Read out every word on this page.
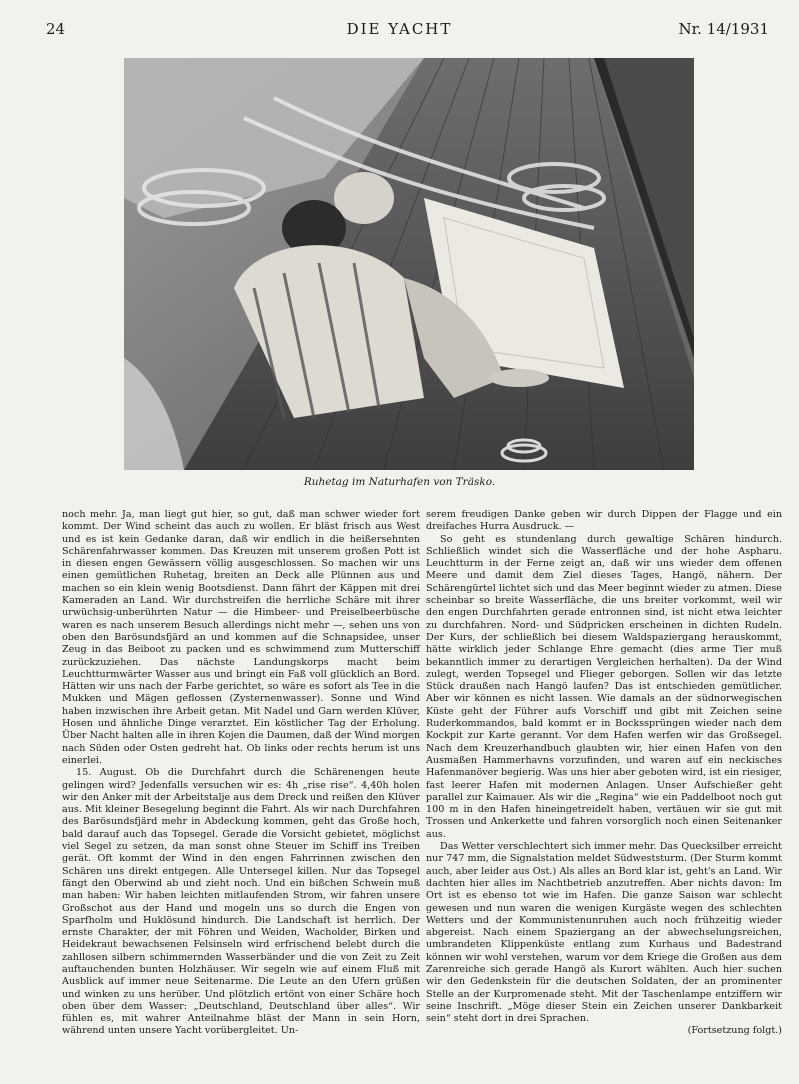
24	DIE YACHT	Nr. 14/1931
Ruhetag im Naturhafen von Träsko.

noch mehr. Ja, man liegt gut hier, so gut, daß man schwer wieder fort kommt. Der Wind scheint das auch zu wollen. Er bläst frisch aus West und es ist kein Gedanke daran, daß wir endlich in die heißersehnten Schärenfahrwasser kommen. Das Kreuzen mit unserem großen Pott ist in diesen engen Gewässern völlig ausgeschlossen. So machen wir uns einen gemütlichen Ruhetag, breiten an Deck alle Plünnen aus und machen so ein klein wenig Bootsdienst. Dann fährt der Käppen mit drei Kameraden an Land. Wir durchstreifen die herrliche Schäre mit ihrer urwüchsig-unberührten Natur — die Himbeer- und Preiselbeerbüsche waren es nach unserem Besuch allerdings nicht mehr —, sehen uns von oben den Barösundsfjärd an und kommen auf die Schnapsidee, unser Zeug in das Beiboot zu packen und es schwimmend zum Mutterschiff zurückzuziehen. Das nächste Landungskorps macht beim Leuchtturmwärter Wasser aus und bringt ein Faß voll glücklich an Bord. Hätten wir uns nach der Farbe gerichtet, so wäre es sofort als Tee in die Mukken und Mägen geflossen (Zysternenwasser). Sonne und Wind haben inzwischen ihre Arbeit getan. Mit Nadel und Garn werden Klüver, Hosen und ähnliche Dinge verarztet. Ein köstlicher Tag der Erholung. Über Nacht halten alle in ihren Kojen die Daumen, daß der Wind morgen nach Süden oder Osten gedreht hat. Ob links oder rechts herum ist uns einerlei.

15. August. Ob die Durchfahrt durch die Schärenengen heute gelingen wird? Jedenfalls versuchen wir es: 4h „rise rise“. 4,40h holen wir den Anker mit der Arbeitstalje aus dem Dreck und reißen den Klüver aus. Mit kleiner Besegelung beginnt die Fahrt. Als wir nach Durchfahren des Barösundsfjärd mehr in Abdeckung kommen, geht das Große hoch, bald darauf auch das Topsegel. Gerade die Vorsicht gebietet, möglichst viel Segel zu setzen, da man sonst ohne Steuer im Schiff ins Treiben gerät. Oft kommt der Wind in den engen Fahrrinnen zwischen den Schären uns direkt entgegen. Alle Untersegel killen. Nur das Topsegel fängt den Oberwind ab und zieht noch. Und ein bißchen Schwein muß man haben: Wir haben leichten mitlaufenden Strom, wir fahren unsere Großschot aus der Hand und mogeln uns so durch die Engen von Sparfholm und Huklösund hindurch. Die Landschaft ist herrlich. Der ernste Charakter, der mit Föhren und Weiden, Wacholder, Birken und Heidekraut bewachsenen Felsinseln wird erfrischend belebt durch die zahllosen silbern schimmernden Wasserbänder und die von Zeit zu Zeit auftauchenden bunten Holzhäuser. Wir segeln wie auf einem Fluß mit Ausblick auf immer neue Seitenarme. Die Leute an den Ufern grüßen und winken zu uns herüber. Und plötzlich ertönt von einer Schäre hoch oben über dem Wasser: „Deutschland, Deutschland über alles“. Wir fühlen es, mit wahrer Anteilnahme bläst der Mann in sein Horn, während unten unsere Yacht vorübergleitet. Un-

serem freudigen Danke geben wir durch Dippen der Flagge und ein dreifaches Hurra Ausdruck. —

So geht es stundenlang durch gewaltige Schären hindurch. Schließlich windet sich die Wasserfläche und der hohe Aspharu. Leuchtturm in der Ferne zeigt an, daß wir uns wieder dem offenen Meere und damit dem Ziel dieses Tages, Hangö, nähern. Der Schärengürtel lichtet sich und das Meer beginnt wieder zu atmen. Diese scheinbar so breite Wasserfläche, die uns breiter vorkommt, weil wir den engen Durchfahrten gerade entronnen sind, ist nicht etwa leichter zu durchfahren. Nord- und Südpricken erscheinen in dichten Rudeln. Der Kurs, der schließlich bei diesem Waldspaziergang herauskommt, hätte wirklich jeder Schlange Ehre gemacht (dies arme Tier muß bekanntlich immer zu derartigen Vergleichen herhalten). Da der Wind zulegt, werden Topsegel und Flieger geborgen. Sollen wir das letzte Stück draußen nach Hangö laufen? Das ist entschieden gemütlicher. Aber wir können es nicht lassen. Wie damals an der südnorwegischen Küste geht der Führer aufs Vorschiff und gibt mit Zeichen seine Ruderkommandos, bald kommt er in Bockssprüngen wieder nach dem Kockpit zur Karte gerannt. Vor dem Hafen werfen wir das Großsegel. Nach dem Kreuzerhandbuch glaubten wir, hier einen Hafen von den Ausmaßen Hammerhavns vorzufinden, und waren auf ein neckisches Hafenmanöver begierig. Was uns hier aber geboten wird, ist ein riesiger, fast leerer Hafen mit modernen Anlagen. Unser Aufschießer geht parallel zur Kaimauer. Als wir die „Regina“ wie ein Paddelboot noch gut 100 m in den Hafen hineingetreidelt haben, vertäuen wir sie gut mit Trossen und Ankerkette und fahren vorsorglich noch einen Seitenanker aus.

Das Wetter verschlechtert sich immer mehr. Das Quecksilber erreicht nur 747 mm, die Signalstation meldet Südweststurm. (Der Sturm kommt auch, aber leider aus Ost.) Als alles an Bord klar ist, geht's an Land. Wir dachten hier alles im Nachtbetrieb anzutreffen. Aber nichts davon: Im Ort ist es ebenso tot wie im Hafen. Die ganze Saison war schlecht gewesen und nun waren die wenigen Kurgäste wegen des schlechten Wetters und der Kommunistenunruhen auch noch frühzeitig wieder abgereist. Nach einem Spaziergang an der abwechselungsreichen, umbrandeten Klippenküste entlang zum Kurhaus und Badestrand können wir wohl verstehen, warum vor dem Kriege die Großen aus dem Zarenreiche sich gerade Hangö als Kurort wählten. Auch hier suchen wir den Gedenkstein für die deutschen Soldaten, der an prominenter Stelle an der Kurpromenade steht. Mit der Taschenlampe entziffern wir seine Inschrift. „Möge dieser Stein ein Zeichen unserer Dankbarkeit sein“ steht dort in drei Sprachen.

(Fortsetzung folgt.)
